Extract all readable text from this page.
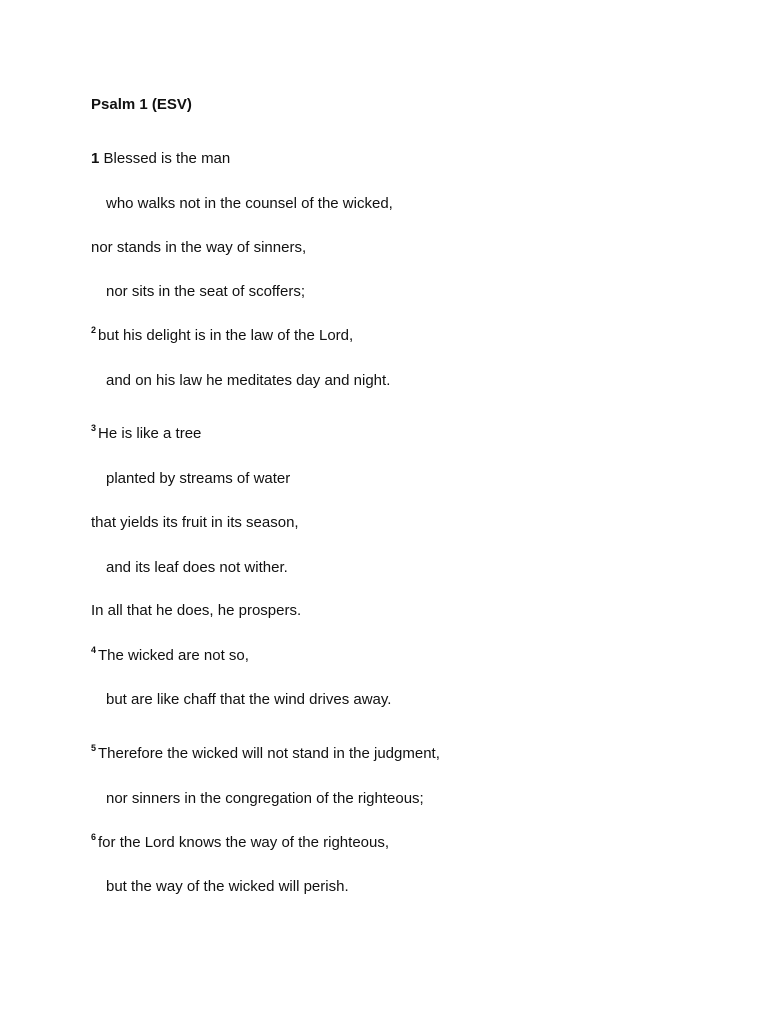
Psalm 1 (ESV)
1 Blessed is the man
who walks not in the counsel of the wicked,
nor stands in the way of sinners,
nor sits in the seat of scoffers;
$^2$ but his delight is in the law of the Lord,
and on his law he meditates day and night.
$^3$ He is like a tree
planted by streams of water
that yields its fruit in its season,
and its leaf does not wither.
In all that he does, he prospers.
$^4$ The wicked are not so,
but are like chaff that the wind drives away.
$^5$ Therefore the wicked will not stand in the judgment,
nor sinners in the congregation of the righteous;
$^6$ for the Lord knows the way of the righteous,
but the way of the wicked will perish.
